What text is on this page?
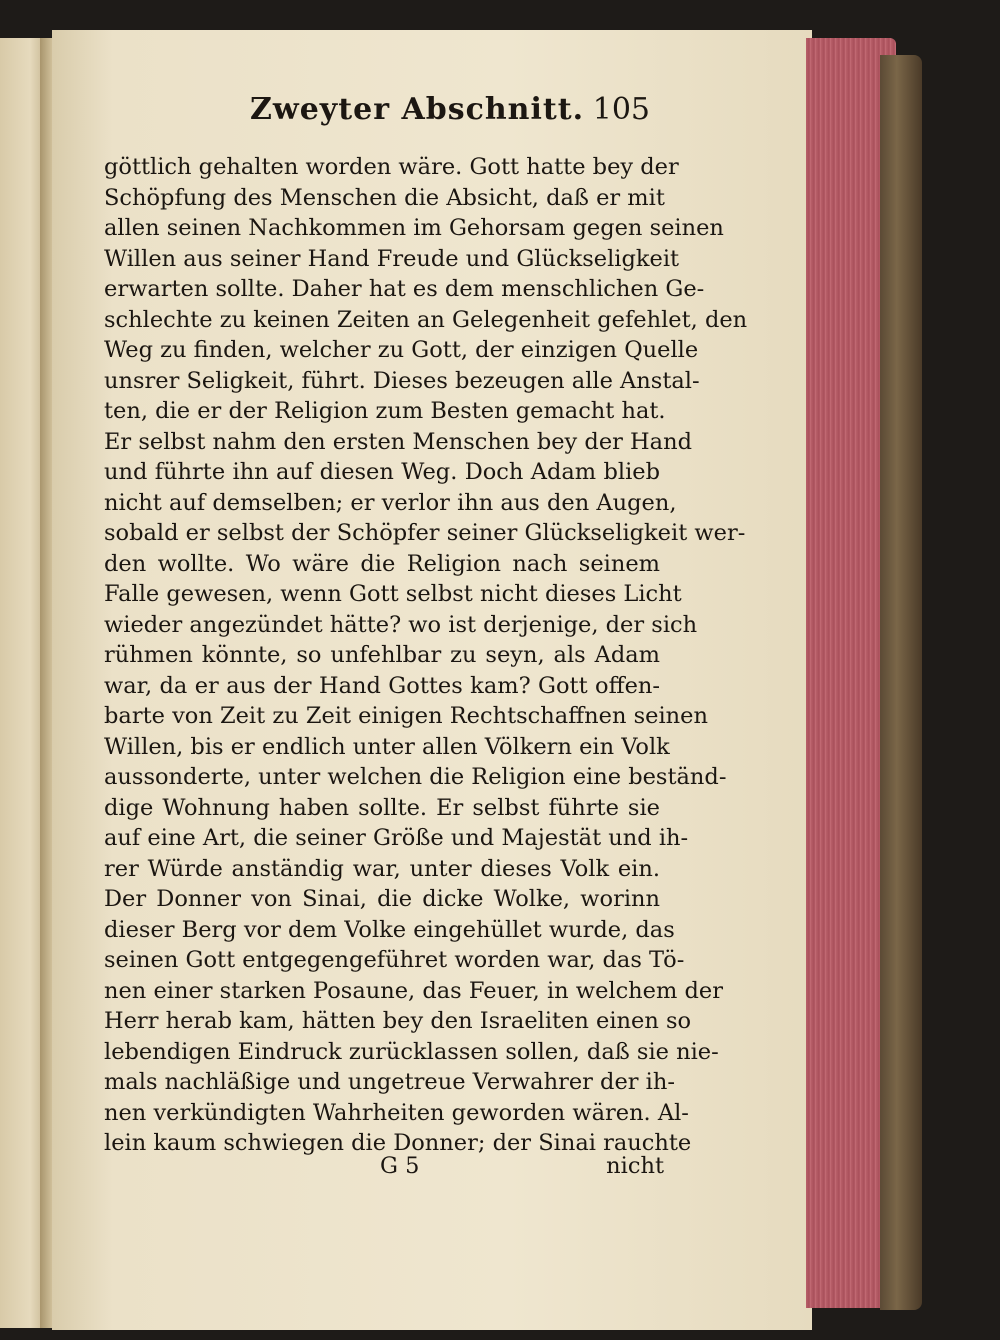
Zweyter Abschnitt. 105
göttlich gehalten worden wäre. Gott hatte bey der
Schöpfung des Menschen die Absicht, daß er mit
allen seinen Nachkommen im Gehorsam gegen seinen
Willen aus seiner Hand Freude und Glückseligkeit
erwarten sollte. Daher hat es dem menschlichen Ge-
schlechte zu keinen Zeiten an Gelegenheit gefehlet, den
Weg zu finden, welcher zu Gott, der einzigen Quelle
unsrer Seligkeit, führt. Dieses bezeugen alle Anstal-
ten, die er der Religion zum Besten gemacht hat.
Er selbst nahm den ersten Menschen bey der Hand
und führte ihn auf diesen Weg. Doch Adam blieb
nicht auf demselben; er verlor ihn aus den Augen,
sobald er selbst der Schöpfer seiner Glückseligkeit wer-
den wollte. Wo wäre die Religion nach seinem
Falle gewesen, wenn Gott selbst nicht dieses Licht
wieder angezündet hätte? wo ist derjenige, der sich
rühmen könnte, so unfehlbar zu seyn, als Adam
war, da er aus der Hand Gottes kam? Gott offen-
barte von Zeit zu Zeit einigen Rechtschaffnen seinen
Willen, bis er endlich unter allen Völkern ein Volk
aussonderte, unter welchen die Religion eine beständ-
dige Wohnung haben sollte. Er selbst führte sie
auf eine Art, die seiner Größe und Majestät und ih-
rer Würde anständig war, unter dieses Volk ein.
Der Donner von Sinai, die dicke Wolke, worinn
dieser Berg vor dem Volke eingehüllet wurde, das
seinen Gott entgegengeführet worden war, das Tö-
nen einer starken Posaune, das Feuer, in welchem der
Herr herab kam, hätten bey den Israeliten einen so
lebendigen Eindruck zurücklassen sollen, daß sie nie-
mals nachläßige und ungetreue Verwahrer der ih-
nen verkündigten Wahrheiten geworden wären. Al-
lein kaum schwiegen die Donner; der Sinai rauchte
G 5	nicht
